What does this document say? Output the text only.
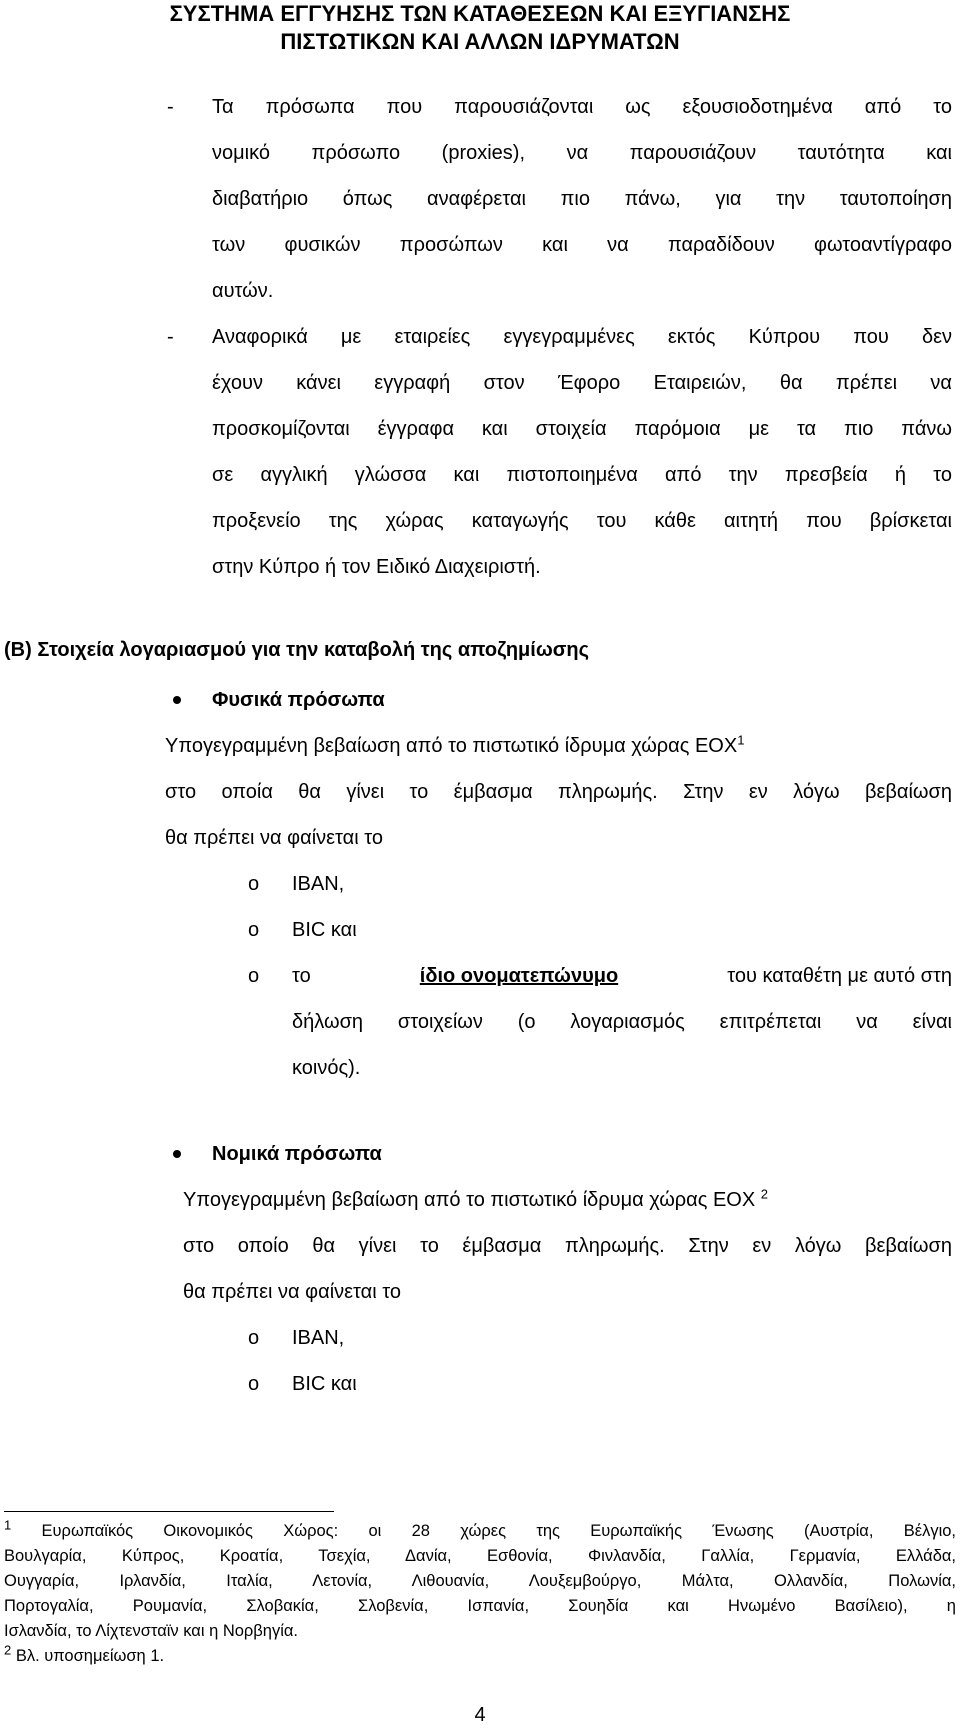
ΣΥΣΤΗΜΑ ΕΓΓΥΗΣΗΣ ΤΩΝ ΚΑΤΑΘΕΣΕΩΝ ΚΑΙ ΕΞΥΓΙΑΝΣΗΣ
ΠΙΣΤΩΤΙΚΩΝ ΚΑΙ ΑΛΛΩΝ ΙΔΡΥΜΑΤΩΝ
- Τα πρόσωπα που παρουσιάζονται ως εξουσιοδοτημένα από το
νομικό πρόσωπο (proxies), να παρουσιάζουν ταυτότητα και
διαβατήριο όπως αναφέρεται πιο πάνω, για την ταυτοποίηση
των φυσικών προσώπων και να παραδίδουν φωτοαντίγραφο
αυτών.
- Αναφορικά με εταιρείες εγγεγραμμένες εκτός Κύπρου που δεν
έχουν κάνει εγγραφή στον Έφορο Εταιρειών, θα πρέπει να
προσκομίζονται έγγραφα και στοιχεία παρόμοια με τα πιο πάνω
σε αγγλική γλώσσα και πιστοποιημένα από την πρεσβεία ή το
προξενείο της χώρας καταγωγής του κάθε αιτητή που βρίσκεται
στην Κύπρο ή τον Ειδικό Διαχειριστή.
(Β) Στοιχεία λογαριασμού για την καταβολή της αποζημίωσης
Φυσικά πρόσωπα
Υπογεγραμμένη βεβαίωση από το πιστωτικό ίδρυμα χώρας ΕΟΧ$^1$
στο οποία θα γίνει το έμβασμα πληρωμής. Στην εν λόγω βεβαίωση
θα πρέπει να φαίνεται το
o IBAN,
o BIC και
o το	ίδιο ονοματεπώνυμο	του καταθέτη με αυτό στη
δήλωση στοιχείων (ο λογαριασμός επιτρέπεται να είναι
κοινός).
Νομικά πρόσωπα
Υπογεγραμμένη βεβαίωση από το πιστωτικό ίδρυμα χώρας ΕΟΧ $^2$
στο οποίο θα γίνει το έμβασμα πληρωμής. Στην εν λόγω βεβαίωση
θα πρέπει να φαίνεται το
o IBAN,
o BIC και
$^1$ Ευρωπαϊκός Οικονομικός Χώρος: οι 28 χώρες της Ευρωπαϊκής Ένωσης (Αυστρία, Βέλγιο,
Βουλγαρία, Κύπρος, Κροατία, Τσεχία, Δανία, Εσθονία, Φινλανδία, Γαλλία, Γερμανία, Ελλάδα,
Ουγγαρία, Ιρλανδία, Ιταλία, Λετονία, Λιθουανία, Λουξεμβούργο, Μάλτα, Ολλανδία, Πολωνία,
Πορτογαλία, Ρουμανία, Σλοβακία, Σλοβενία, Ισπανία, Σουηδία και Ηνωμένο Βασίλειο), η
Ισλανδία, το Λίχτενσταϊν και η Νορβηγία.
$^2$ Βλ. υποσημείωση 1.
4
